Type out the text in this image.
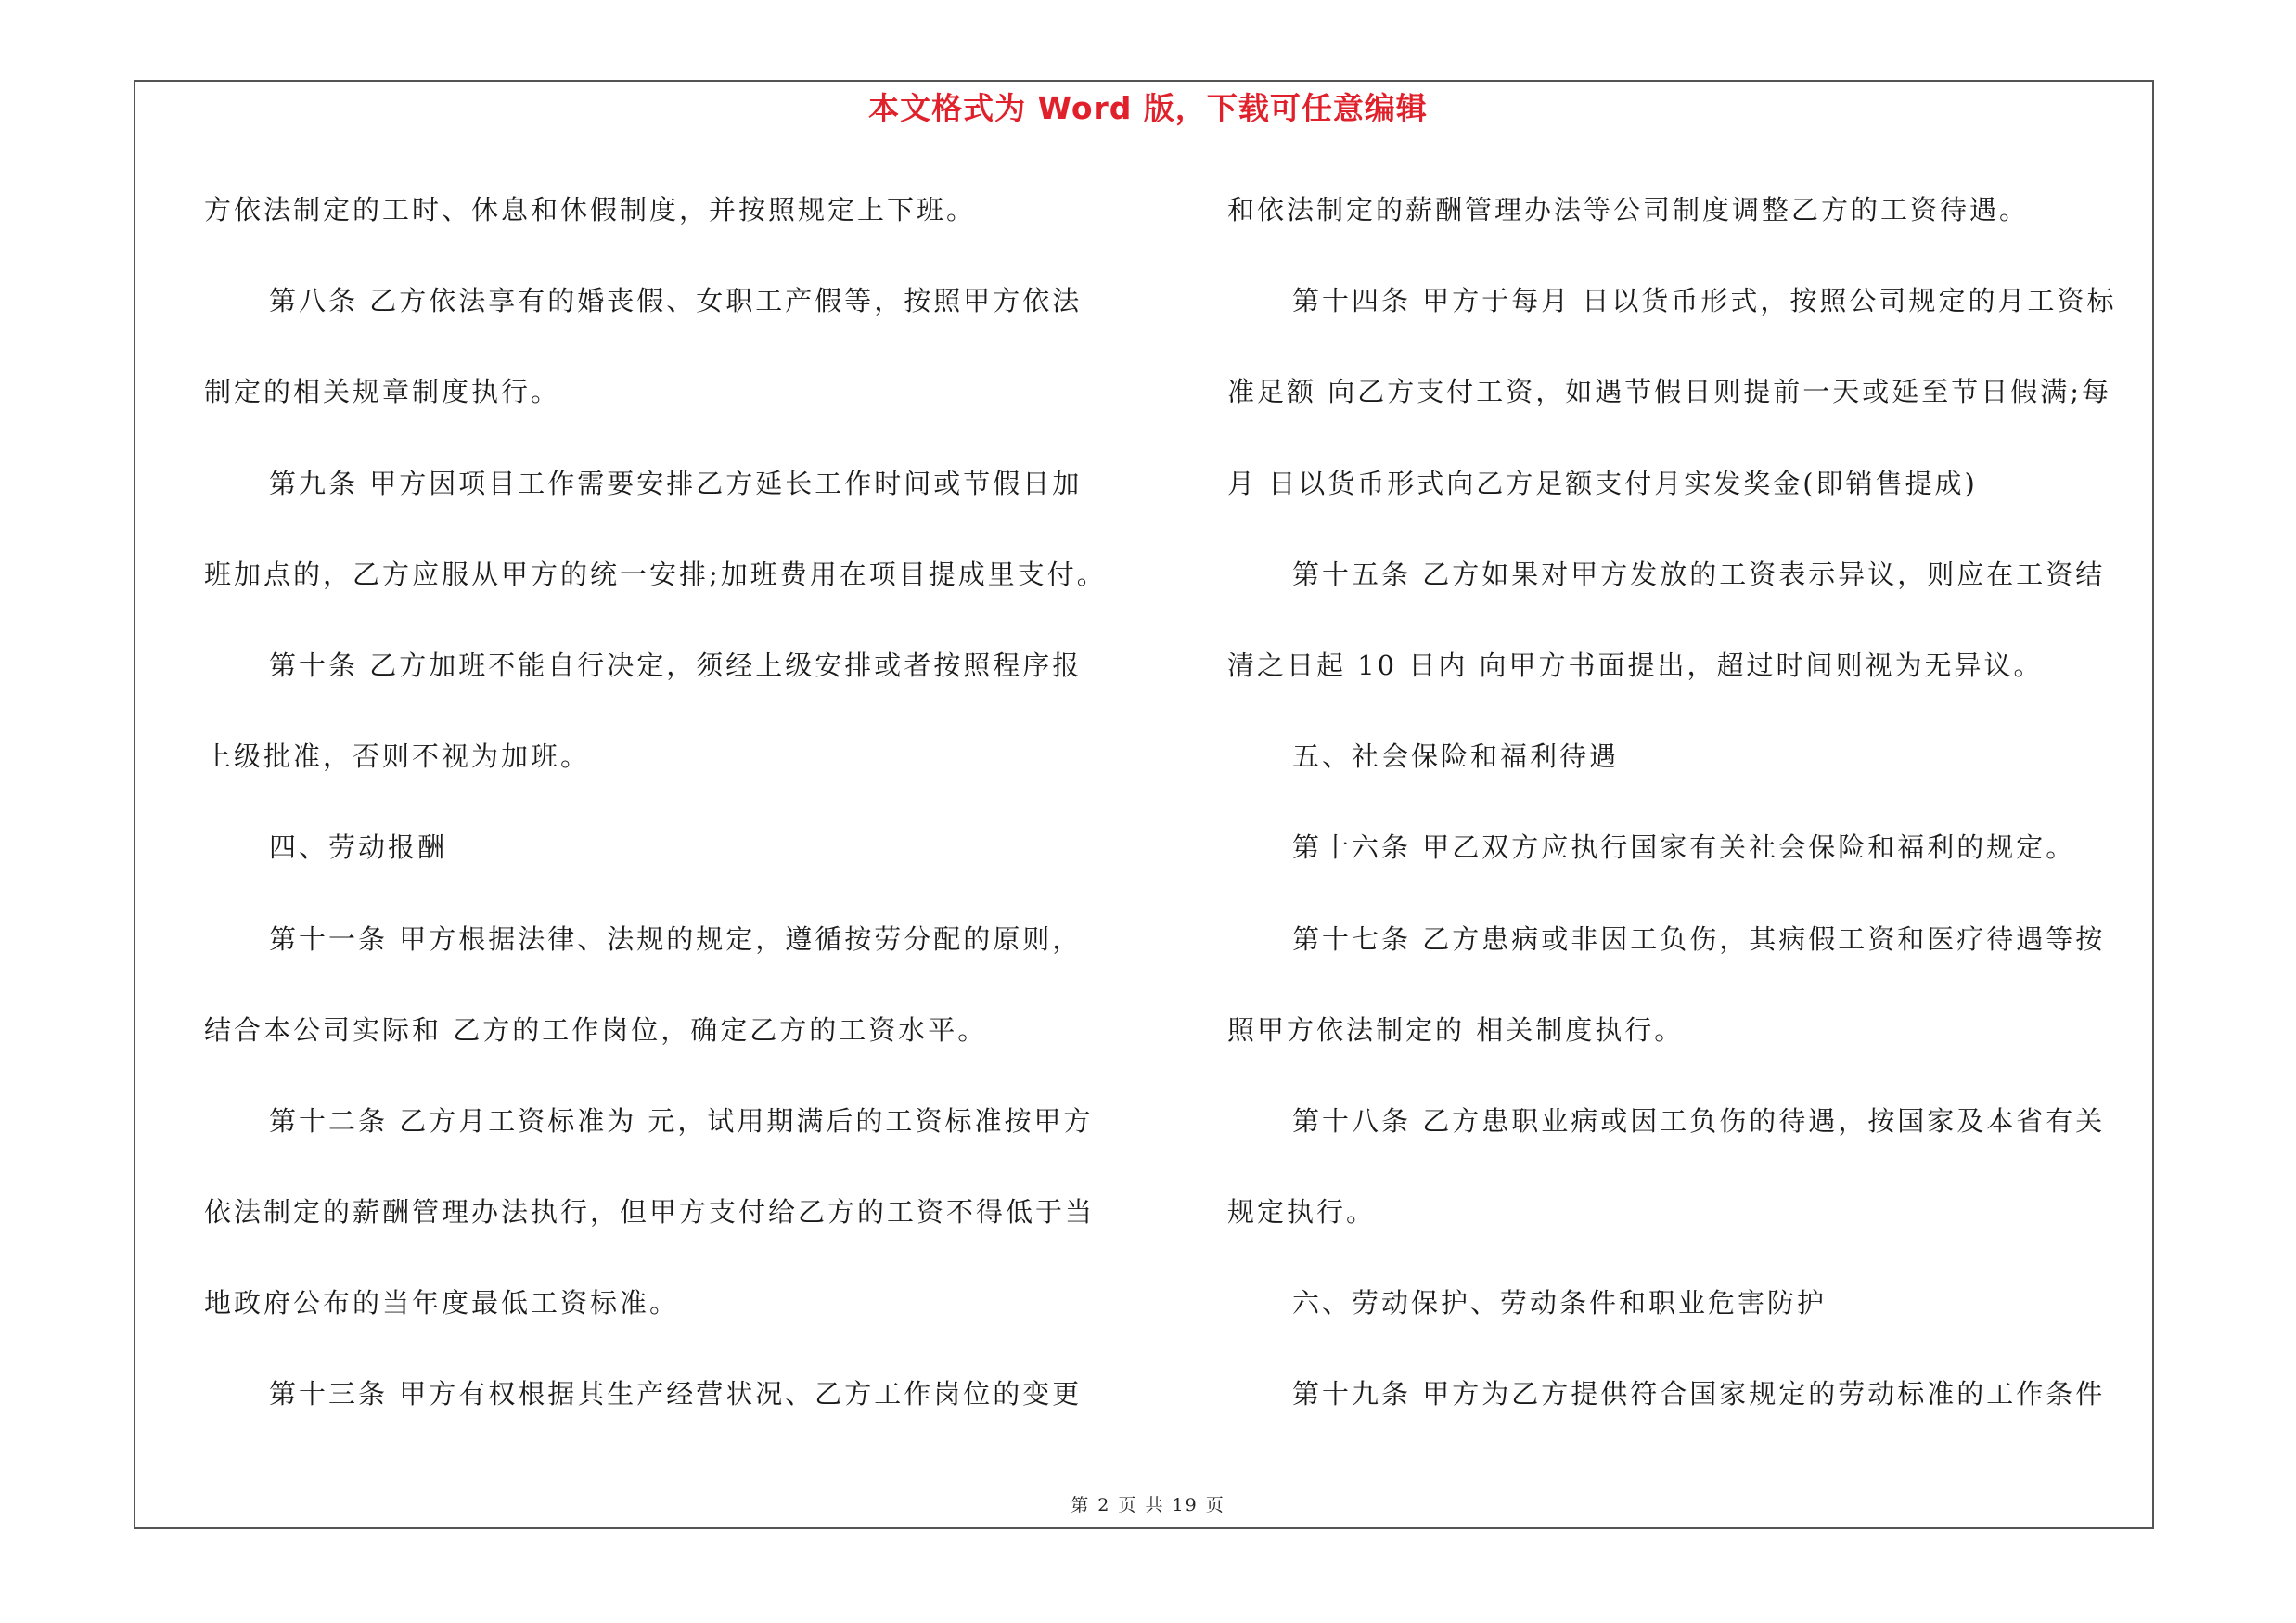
本文格式为 Word 版，下载可任意编辑
方依法制定的工时、休息和休假制度，并按照规定上下班。
第八条 乙方依法享有的婚丧假、女职工产假等，按照甲方依法
制定的相关规章制度执行。
第九条 甲方因项目工作需要安排乙方延长工作时间或节假日加
班加点的，乙方应服从甲方的统一安排;加班费用在项目提成里支付。
第十条 乙方加班不能自行决定，须经上级安排或者按照程序报
上级批准，否则不视为加班。
四、劳动报酬
第十一条 甲方根据法律、法规的规定，遵循按劳分配的原则，
结合本公司实际和 乙方的工作岗位，确定乙方的工资水平。
第十二条 乙方月工资标准为 元，试用期满后的工资标准按甲方
依法制定的薪酬管理办法执行，但甲方支付给乙方的工资不得低于当
地政府公布的当年度最低工资标准。
第十三条 甲方有权根据其生产经营状况、乙方工作岗位的变更
和依法制定的薪酬管理办法等公司制度调整乙方的工资待遇。
第十四条 甲方于每月 日以货币形式，按照公司规定的月工资标
准足额 向乙方支付工资，如遇节假日则提前一天或延至节日假满;每
月 日以货币形式向乙方足额支付月实发奖金(即销售提成)
第十五条 乙方如果对甲方发放的工资表示异议，则应在工资结
清之日起 10 日内 向甲方书面提出，超过时间则视为无异议。
五、社会保险和福利待遇
第十六条 甲乙双方应执行国家有关社会保险和福利的规定。
第十七条 乙方患病或非因工负伤，其病假工资和医疗待遇等按
照甲方依法制定的 相关制度执行。
第十八条 乙方患职业病或因工负伤的待遇，按国家及本省有关
规定执行。
六、劳动保护、劳动条件和职业危害防护
第十九条 甲方为乙方提供符合国家规定的劳动标准的工作条件
第 2 页 共 19 页
